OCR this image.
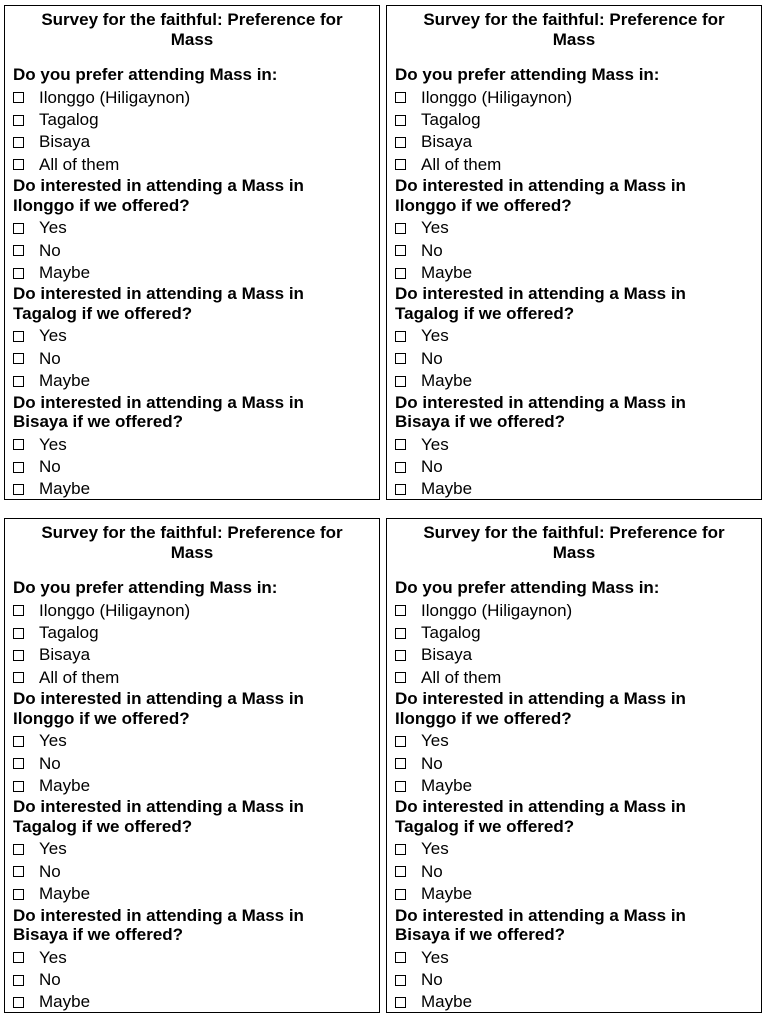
Survey for the faithful: Preference for Mass
Do you prefer attending Mass in:
Ilonggo (Hiligaynon)
Tagalog
Bisaya
All of them
Do interested in attending a Mass in Ilonggo if we offered?
Yes
No
Maybe
Do interested in attending a Mass in Tagalog if we offered?
Yes
No
Maybe
Do interested in attending a Mass in Bisaya if we offered?
Yes
No
Maybe
Survey for the faithful: Preference for Mass
Do you prefer attending Mass in:
Ilonggo (Hiligaynon)
Tagalog
Bisaya
All of them
Do interested in attending a Mass in Ilonggo if we offered?
Yes
No
Maybe
Do interested in attending a Mass in Tagalog if we offered?
Yes
No
Maybe
Do interested in attending a Mass in Bisaya if we offered?
Yes
No
Maybe
Survey for the faithful: Preference for Mass
Do you prefer attending Mass in:
Ilonggo (Hiligaynon)
Tagalog
Bisaya
All of them
Do interested in attending a Mass in Ilonggo if we offered?
Yes
No
Maybe
Do interested in attending a Mass in Tagalog if we offered?
Yes
No
Maybe
Do interested in attending a Mass in Bisaya if we offered?
Yes
No
Maybe
Survey for the faithful: Preference for Mass
Do you prefer attending Mass in:
Ilonggo (Hiligaynon)
Tagalog
Bisaya
All of them
Do interested in attending a Mass in Ilonggo if we offered?
Yes
No
Maybe
Do interested in attending a Mass in Tagalog if we offered?
Yes
No
Maybe
Do interested in attending a Mass in Bisaya if we offered?
Yes
No
Maybe
